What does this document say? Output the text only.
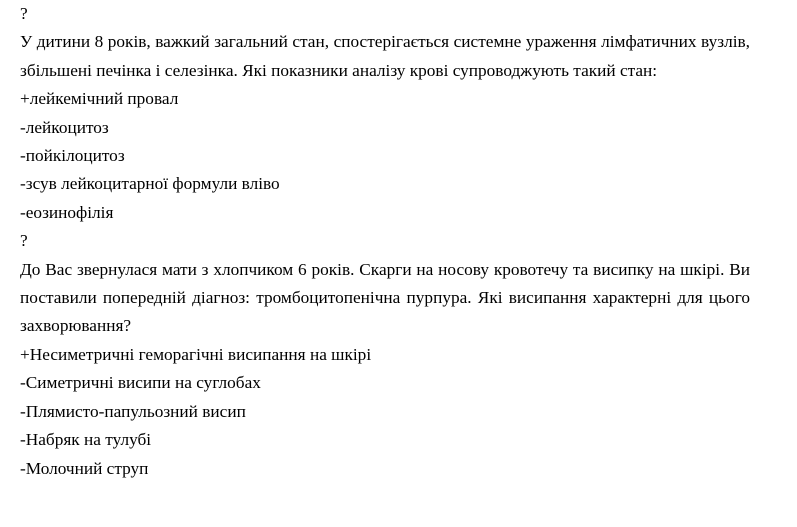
?
У дитини 8 років, важкий загальний стан, спостерігається системне ураження лімфатичних вузлів, збільшені печінка і селезінка. Які показники аналізу крові супроводжують такий стан:
+лейкемічний провал
-лейкоцитоз
-пойкілоцитоз
-зсув лейкоцитарної формули вліво
-еозинофілія
?
До Вас звернулася мати з хлопчиком 6 років. Скарги на носову кровотечу та висипку на шкірі. Ви поставили попередній діагноз: тромбоцитопенічна пурпура. Які висипання характерні для цього захворювання?
+Несиметричні геморагічні висипання на шкірі
-Симетричні висипи на суглобах
-Плямисто-папульозний висип
-Набряк на тулубі
-Молочний струп
